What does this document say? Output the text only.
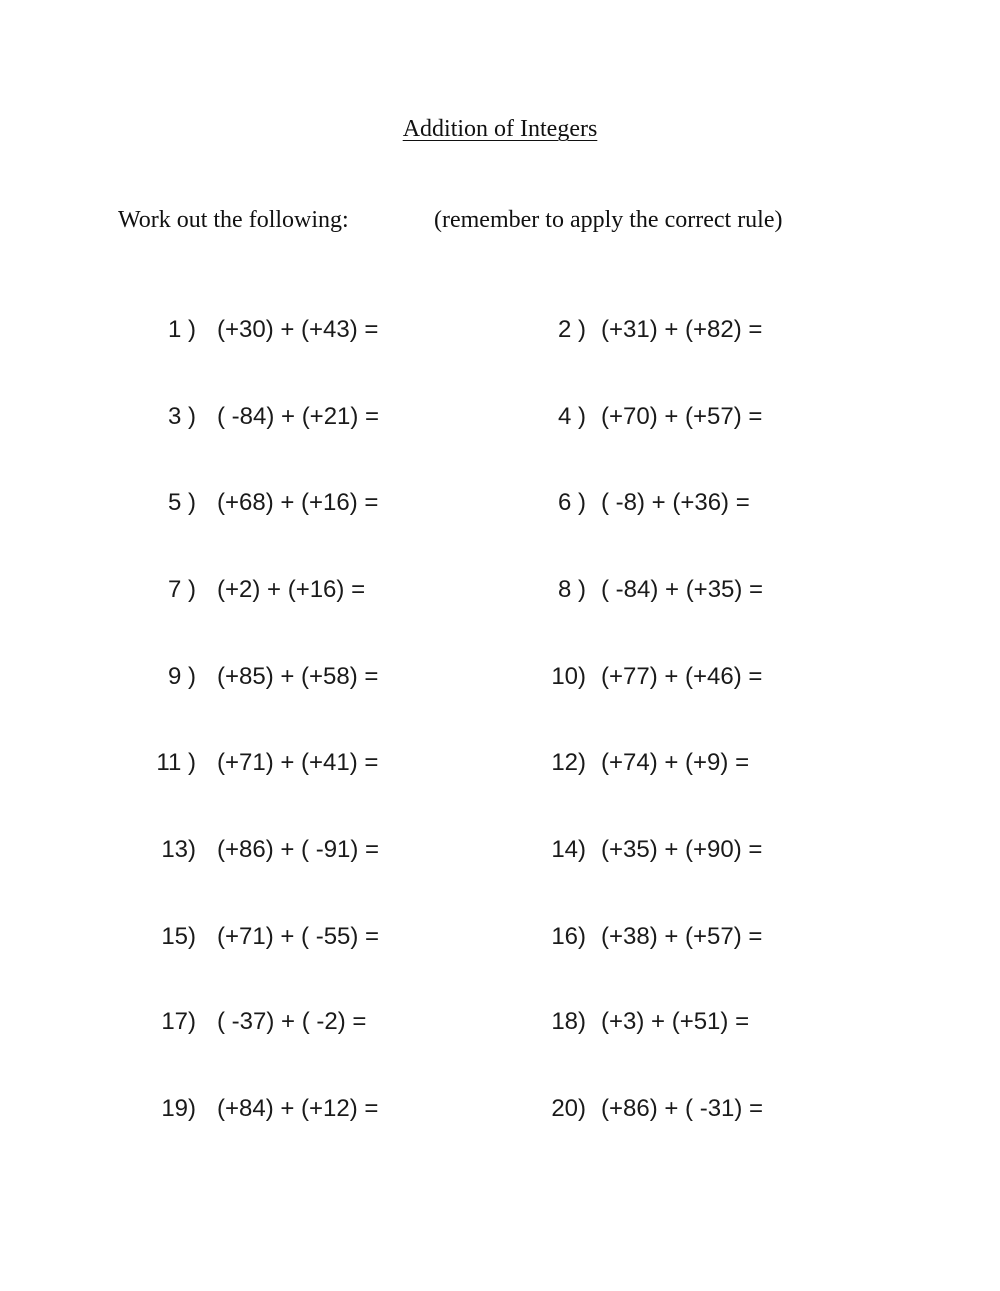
Addition of Integers
Work out the following:	(remember to apply the correct rule)
1 ) (+30) + (+43) =	2 ) (+31) + (+82) =
3 ) ( -84) + (+21) =	4 ) (+70) + (+57) =
5 ) (+68) + (+16) =	6 ) ( -8) + (+36) =
7 ) (+2) + (+16) =	8 ) ( -84) + (+35) =
9 ) (+85) + (+58) =	10) (+77) + (+46) =
11 ) (+71) + (+41) =	12) (+74) + (+9) =
13) (+86) + ( -91) =	14) (+35) + (+90) =
15) (+71) + ( -55) =	16) (+38) + (+57) =
17) ( -37) + ( -2) =	18) (+3) + (+51) =
19) (+84) + (+12) =	20) (+86) + ( -31) =
